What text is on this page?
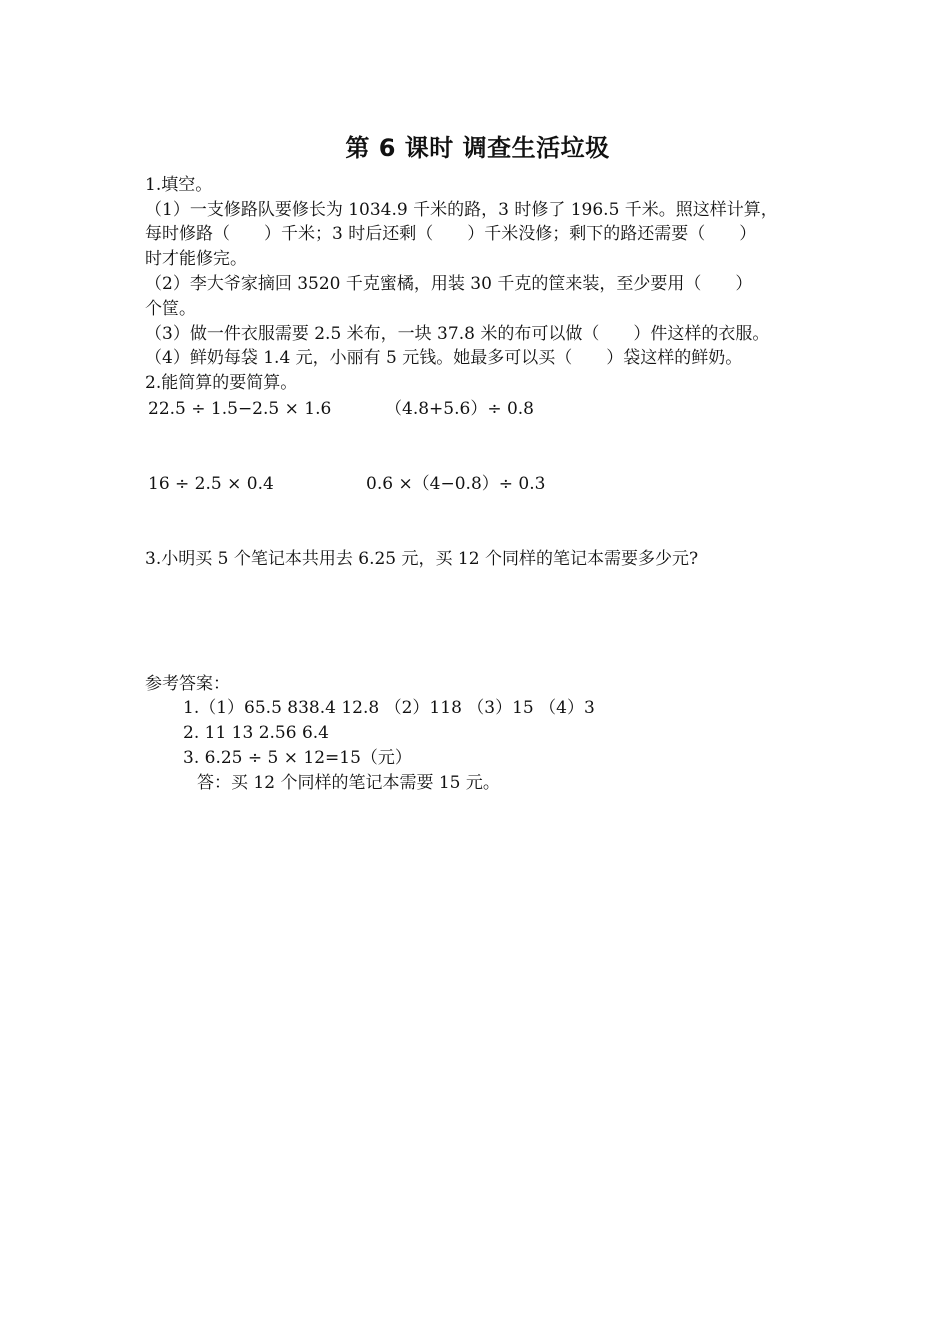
第 6 课时 调查生活垃圾
1.填空。
（1）一支修路队要修长为 1034.9 千米的路，3 时修了 196.5 千米。照这样计算，
每时修路（　　）千米；3 时后还剩（　　）千米没修；剩下的路还需要（　　）
时才能修完。
（2）李大爷家摘回 3520 千克蜜橘，用装 30 千克的筐来装，至少要用（　　）
个筐。
（3）做一件衣服需要 2.5 米布，一块 37.8 米的布可以做（　　）件这样的衣服。
（4）鲜奶每袋 1.4 元，小丽有 5 元钱。她最多可以买（　　）袋这样的鲜奶。
2.能简算的要简算。
22.5 ÷ 1.5−2.5 × 1.6	（4.8+5.6）÷ 0.8
16 ÷ 2.5 × 0.4	0.6 ×（4−0.8）÷ 0.3
3.小明买 5 个笔记本共用去 6.25 元，买 12 个同样的笔记本需要多少元?
参考答案：
1.（1）65.5 838.4 12.8 （2）118 （3）15 （4）3
2. 11 13 2.56 6.4
3. 6.25 ÷ 5 × 12=15（元）
答：买 12 个同样的笔记本需要 15 元。
